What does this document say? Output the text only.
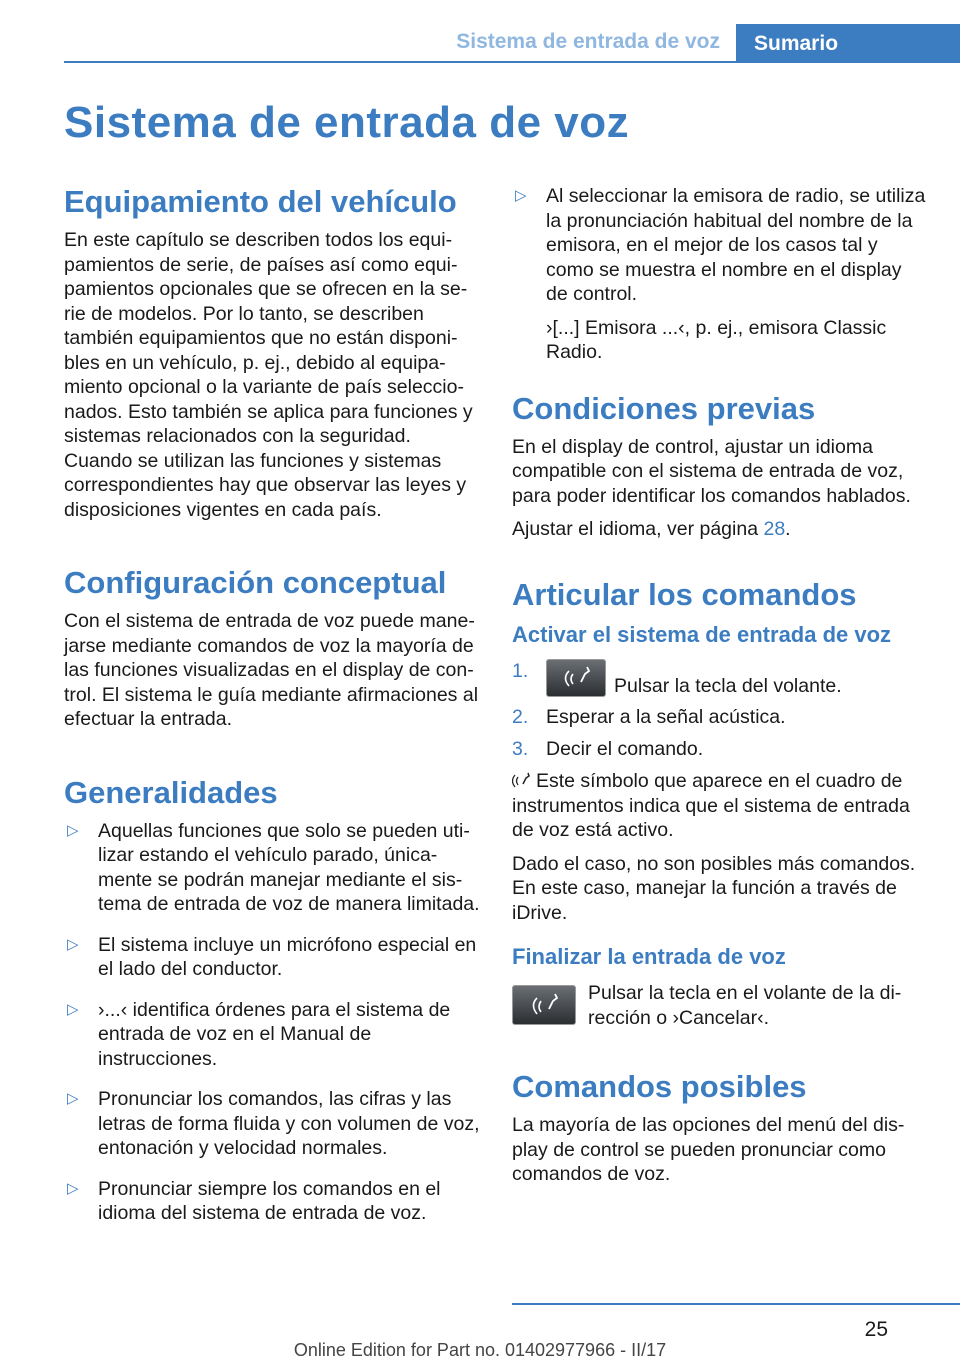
Sistema de entrada de voz	Sumario
Sistema de entrada de voz
Equipamiento del vehículo

En este capítulo se describen todos los equipamientos de serie, de países así como equipamientos opcionales que se ofrecen en la serie de modelos. Por lo tanto, se describen también equipamientos que no están disponibles en un vehículo, p. ej., debido al equipamiento opcional o la variante de país seleccionados. Esto también se aplica para funciones y sistemas relacionados con la seguridad. Cuando se utilizan las funciones y sistemas correspondientes hay que observar las leyes y disposiciones vigentes en cada país.

Configuración conceptual

Con el sistema de entrada de voz puede manejarse mediante comandos de voz la mayoría de las funciones visualizadas en el display de control. El sistema le guía mediante afirmaciones al efectuar la entrada.

Generalidades
▷ Aquellas funciones que solo se pueden utilizar estando el vehículo parado, únicamente se podrán manejar mediante el sistema de entrada de voz de manera limitada.
▷ El sistema incluye un micrófono especial en el lado del conductor.
▷ ›...‹ identifica órdenes para el sistema de entrada de voz en el Manual de instrucciones.
▷ Pronunciar los comandos, las cifras y las letras de forma fluida y con volumen de voz, entonación y velocidad normales.
▷ Pronunciar siempre los comandos en el idioma del sistema de entrada de voz.
▷ Al seleccionar la emisora de radio, se utiliza la pronunciación habitual del nombre de la emisora, en el mejor de los casos tal y como se muestra el nombre en el display de control.

›[...] Emisora ...‹, p. ej., emisora Classic Radio.

Condiciones previas

En el display de control, ajustar un idioma compatible con el sistema de entrada de voz, para poder identificar los comandos hablados.

Ajustar el idioma, ver página 28.

Articular los comandos
Activar el sistema de entrada de voz
1.
Pulsar la tecla del volante.
2. Esperar a la señal acústica.
3. Decir el comando.

Este símbolo que aparece en el cuadro de instrumentos indica que el sistema de entrada de voz está activo.

Dado el caso, no son posibles más comandos. En este caso, manejar la función a través de iDrive.

Finalizar la entrada de voz
Pulsar la tecla en el volante de la dirección o ›Cancelar‹.
Comandos posibles

La mayoría de las opciones del menú del display de control se pueden pronunciar como comandos de voz.

25
Online Edition for Part no. 01402977966 - II/17
